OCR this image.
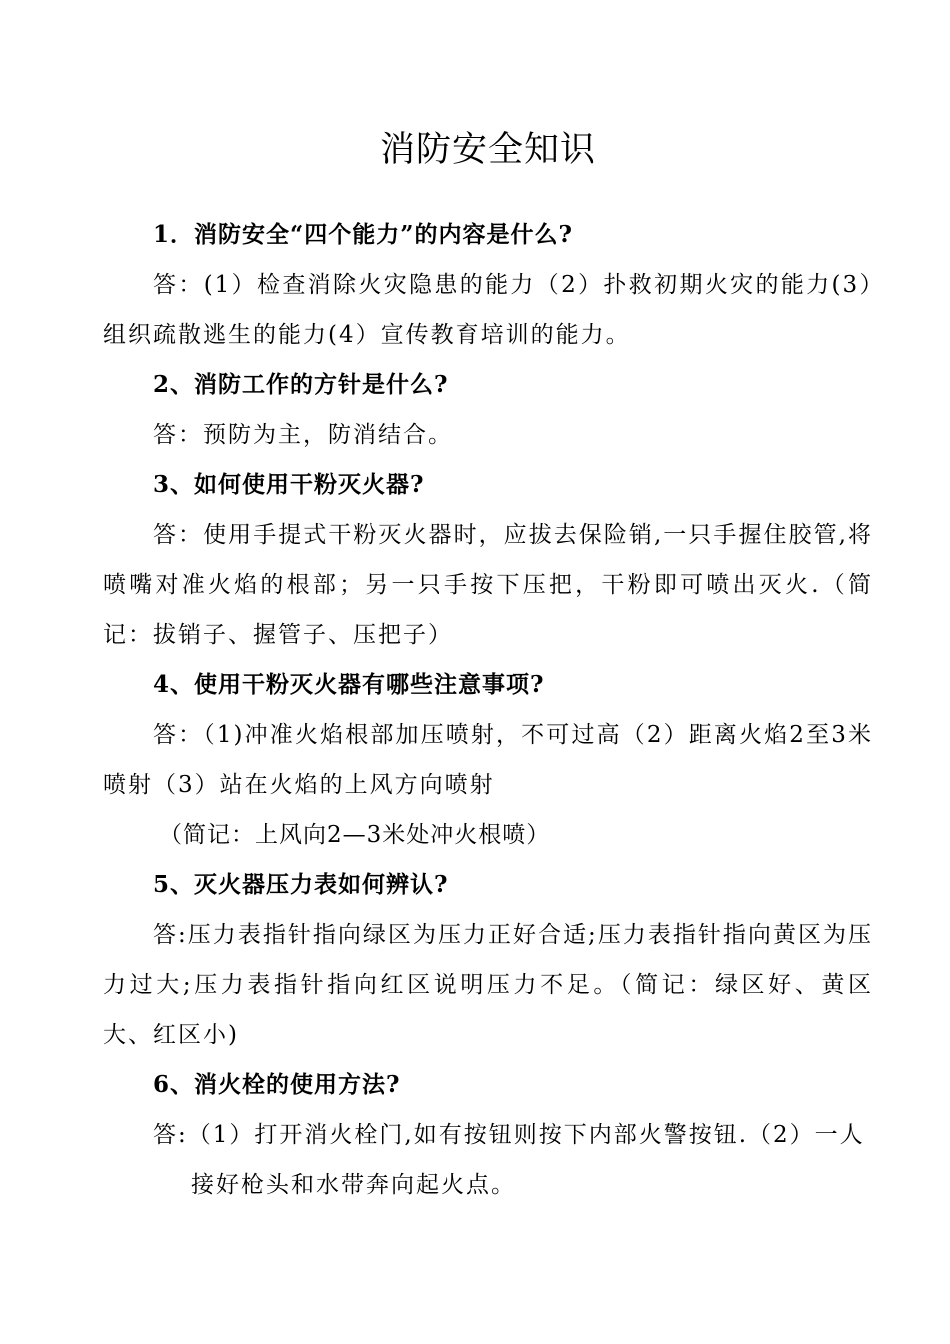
消防安全知识

1．消防安全“四个能力”的内容是什么?

答：(1）检查消除火灾隐患的能力（2）扑救初期火灾的能力(3）组织疏散逃生的能力(4）宣传教育培训的能力。

2、消防工作的方针是什么?

答：预防为主，防消结合。

3、如何使用干粉灭火器?

答：使用手提式干粉灭火器时，应拔去保险销,一只手握住胶管,将喷嘴对准火焰的根部；另一只手按下压把，干粉即可喷出灭火.（简记：拔销子、握管子、压把子）

4、使用干粉灭火器有哪些注意事项?

答：（1)冲准火焰根部加压喷射，不可过高（2）距离火焰2至3米喷射（3）站在火焰的上风方向喷射

（简记：上风向2—3米处冲火根喷）

5、灭火器压力表如何辨认?

答:压力表指针指向绿区为压力正好合适;压力表指针指向黄区为压力过大;压力表指针指向红区说明压力不足。（简记：绿区好、黄区大、红区小)

6、消火栓的使用方法?

答:（1）打开消火栓门,如有按钮则按下内部火警按钮.（2）一人接好枪头和水带奔向起火点。
